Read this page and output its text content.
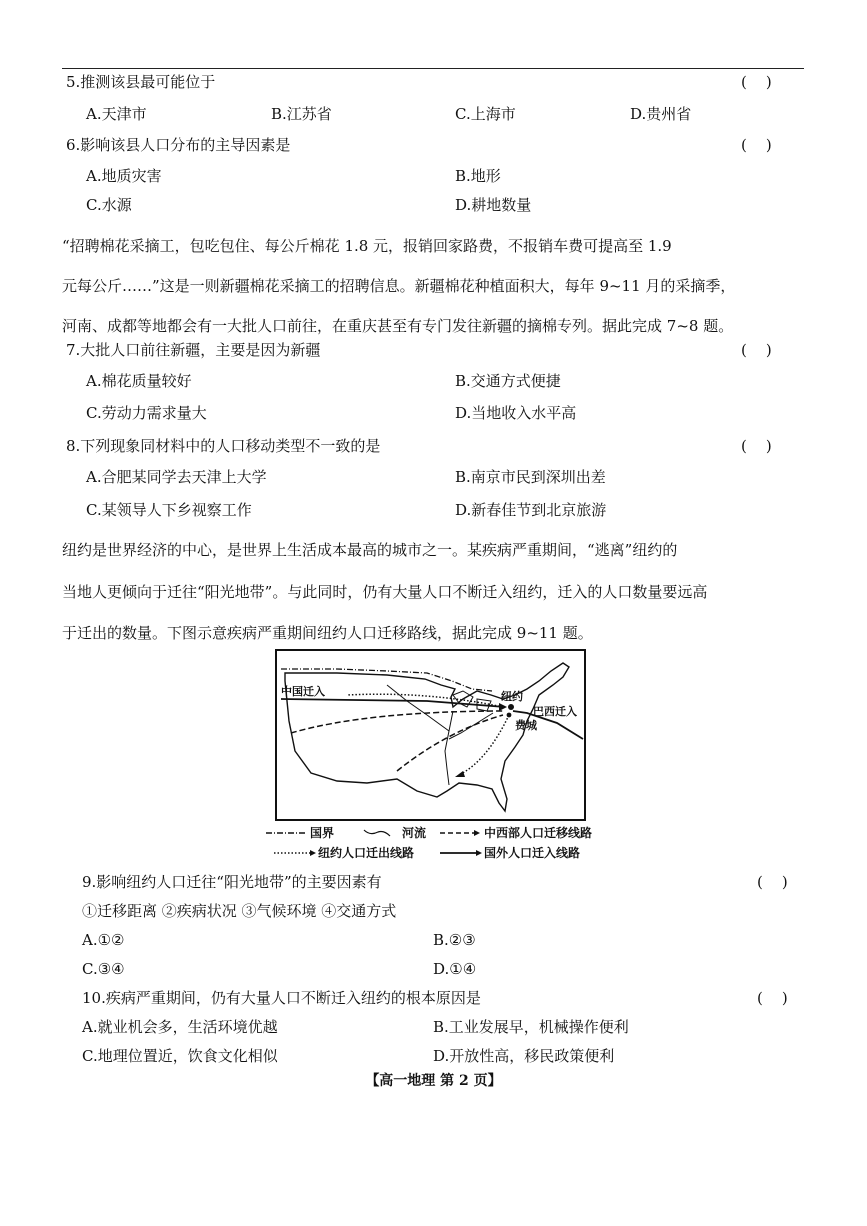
5.推测该县最可能位于	(    )
A.天津市	B.江苏省	C.上海市	D.贵州省
6.影响该县人口分布的主导因素是	(    )
A.地质灾害	B.地形
C.水源	D.耕地数量
“招聘棉花采摘工，包吃包住、每公斤棉花 1.8 元，报销回家路费，不报销车费可提高至 1.9
元每公斤……”这是一则新疆棉花采摘工的招聘信息。新疆棉花种植面积大，每年 9~11 月的采摘季，
河南、成都等地都会有一大批人口前往，在重庆甚至有专门发往新疆的摘棉专列。据此完成 7~8 题。
7.大批人口前往新疆，主要是因为新疆	(    )
A.棉花质量较好	B.交通方式便捷
C.劳动力需求量大	D.当地收入水平高
8.下列现象同材料中的人口移动类型不一致的是	(    )
A.合肥某同学去天津上大学	B.南京市民到深圳出差
C.某领导人下乡视察工作	D.新春佳节到北京旅游
纽约是世界经济的中心，是世界上生活成本最高的城市之一。某疾病严重期间，“逃离”纽约的
当地人更倾向于迁往“阳光地带”。与此同时，仍有大量人口不断迁入纽约，迁入的人口数量要远高
于迁出的数量。下图示意疾病严重期间纽约人口迁移路线，据此完成 9~11 题。
中国迁入	纽约
巴西迁入
费城
国界	河流	中西部人口迁移线路
纽约人口迁出线路	国外人口迁入线路
9.影响纽约人口迁往“阳光地带”的主要因素有	(    )
①迁移距离 ②疾病状况 ③气候环境 ④交通方式
A.①②	B.②③
C.③④	D.①④
10.疾病严重期间，仍有大量人口不断迁入纽约的根本原因是	(    )
A.就业机会多，生活环境优越	B.工业发展早，机械操作便利
C.地理位置近，饮食文化相似	D.开放性高，移民政策便利
【高一地理 第 2 页】
